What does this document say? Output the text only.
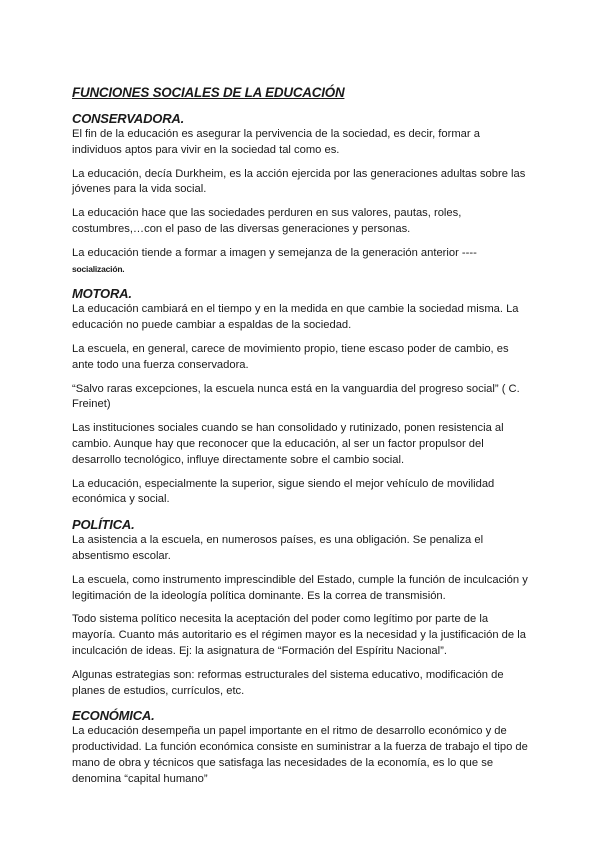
FUNCIONES SOCIALES DE LA EDUCACIÓN
CONSERVADORA.

El fin de la educación es asegurar la pervivencia de la sociedad, es decir, formar a individuos aptos para vivir en la sociedad tal como es.

La educación, decía Durkheim, es la acción ejercida por las generaciones adultas sobre las jóvenes para la vida social.

La educación hace que las sociedades perduren en sus valores, pautas, roles, costumbres,…con el paso de las diversas generaciones y personas.

La educación tiende a formar a imagen y semejanza de la generación anterior ---- socialización.

MOTORA.

La educación cambiará en el tiempo y en la medida en que cambie la sociedad misma. La educación no puede cambiar a espaldas de la sociedad.

La escuela, en general, carece de movimiento propio, tiene escaso poder de cambio, es ante todo una fuerza conservadora.

“Salvo raras excepciones, la escuela nunca está en la vanguardia del progreso social” ( C. Freinet)

Las instituciones sociales cuando se han consolidado y rutinizado, ponen resistencia al cambio. Aunque hay que reconocer que la educación, al ser un factor propulsor del desarrollo tecnológico, influye directamente sobre el cambio social.

La educación, especialmente la superior, sigue siendo el mejor vehículo de movilidad económica y social.

POLÍTICA.

La asistencia a la escuela, en numerosos países, es una obligación. Se penaliza el absentismo escolar.

La escuela, como instrumento imprescindible del Estado, cumple la función de inculcación y legitimación de la ideología política dominante. Es la correa de transmisión.

Todo sistema político necesita la aceptación del poder como legítimo por parte de la mayoría. Cuanto más autoritario es el régimen mayor es la necesidad y la justificación de la inculcación de ideas. Ej: la asignatura de “Formación del Espíritu Nacional”.

Algunas estrategias son: reformas estructurales del sistema educativo, modificación de planes de estudios, currículos, etc.

ECONÓMICA.

La educación desempeña un papel importante en el ritmo de desarrollo económico y de productividad. La función económica consiste en suministrar a la fuerza de trabajo el tipo de mano de obra y técnicos que satisfaga las necesidades de la economía, es lo que se denomina “capital humano”
